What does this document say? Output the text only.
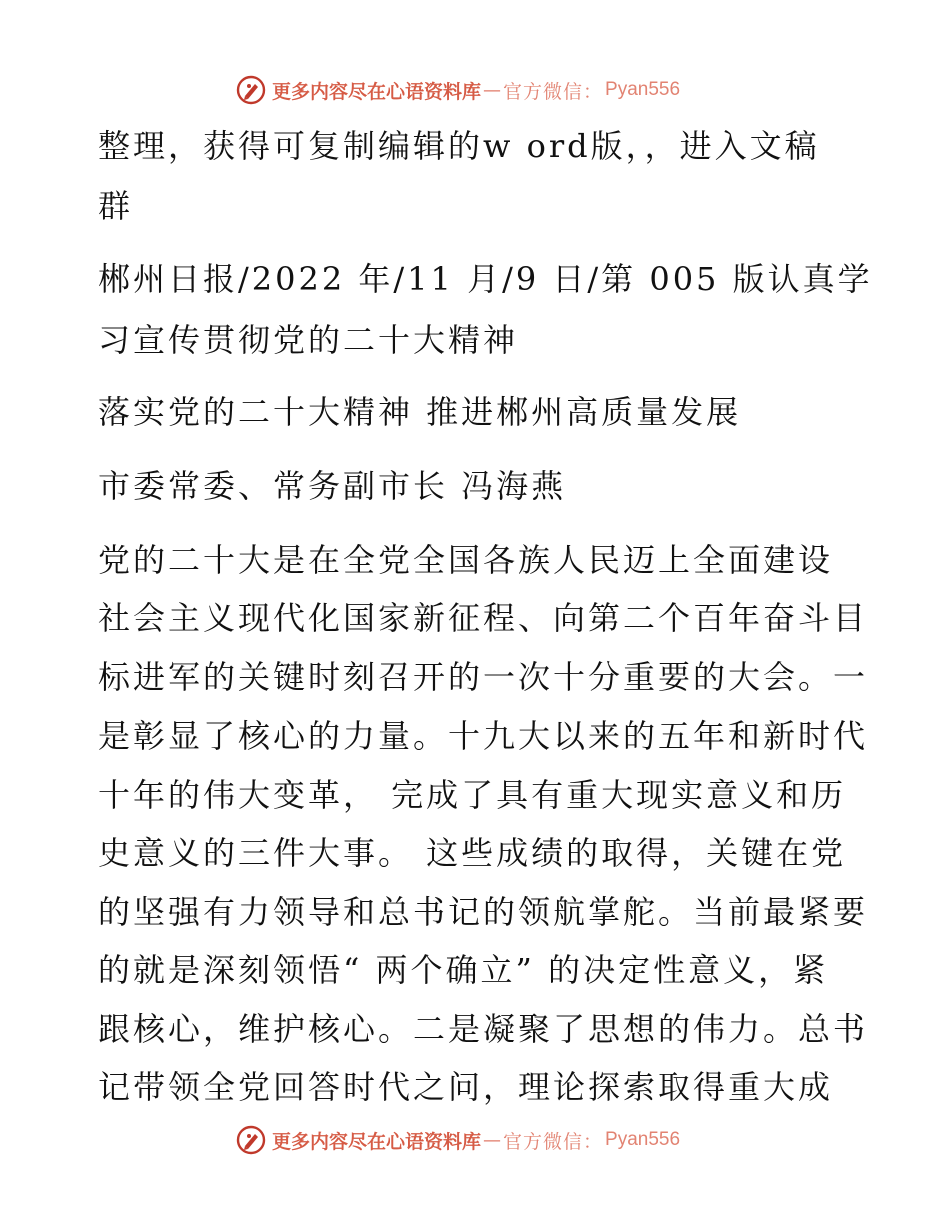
更多内容尽在心语资料库 — 官方微信： Pyan556
整理，获得可复制编辑的w ord版，，进入文稿
群
郴州日报/2022 年/11 月/9 日/第 005 版认真学
习宣传贯彻党的二十大精神
落实党的二十大精神 推进郴州高质量发展
市委常委、常务副市长 冯海燕
党的二十大是在全党全国各族人民迈上全面建设
社会主义现代化国家新征程、向第二个百年奋斗目
标进军的关键时刻召开的一次十分重要的大会。一
是彰显了核心的力量。十九大以来的五年和新时代
十年的伟大变革， 完成了具有重大现实意义和历
史意义的三件大事。 这些成绩的取得，关键在党
的坚强有力领导和总书记的领航掌舵。当前最紧要
的就是深刻领悟“ 两个确立” 的决定性意义，紧
跟核心，维护核心。二是凝聚了思想的伟力。总书
记带领全党回答时代之问，理论探索取得重大成
更多内容尽在心语资料库 — 官方微信： Pyan556
